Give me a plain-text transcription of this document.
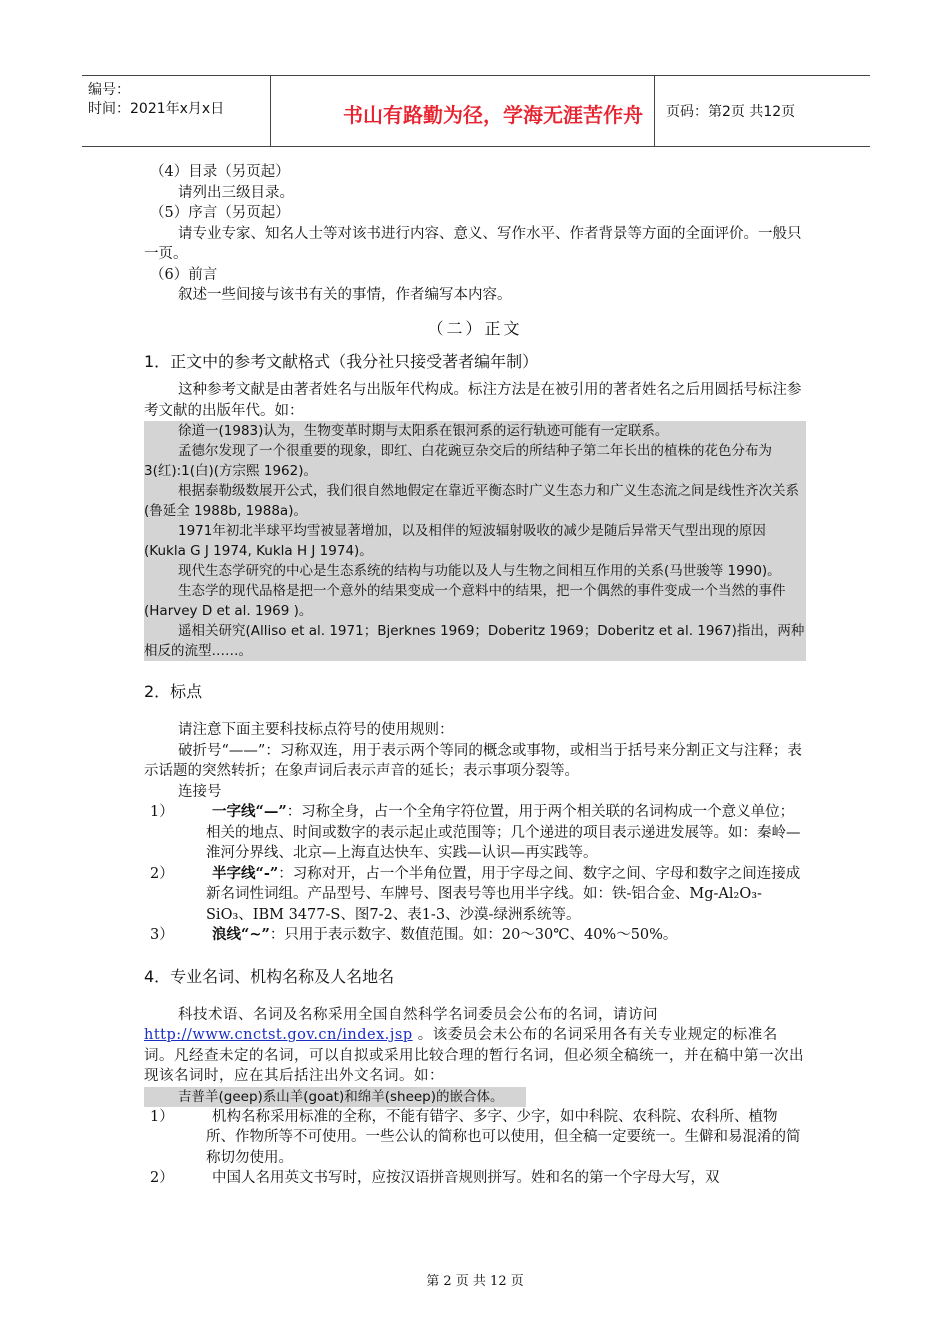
编号：
时间：2021年x月x日	书山有路勤为径，学海无涯苦作舟	页码：第2页 共12页

（4）目录（另页起）

请列出三级目录。

（5）序言（另页起）

请专业专家、知名人士等对该书进行内容、意义、写作水平、作者背景等方面的全面评价。一般只一页。

（6）前言

叙述一些间接与该书有关的事情，作者编写本内容。

（二）正文

1．正文中的参考文献格式（我分社只接受著者编年制）

这种参考文献是由著者姓名与出版年代构成。标注方法是在被引用的著者姓名之后用圆括号标注参考文献的出版年代。如：

徐道一(1983)认为，生物变革时期与太阳系在银河系的运行轨迹可能有一定联系。

孟德尔发现了一个很重要的现象，即红、白花豌豆杂交后的所结种子第二年长出的植株的花色分布为3(红):1(白)(方宗熙 1962)。

根据泰勒级数展开公式，我们很自然地假定在靠近平衡态时广义生态力和广义生态流之间是线性齐次关系(鲁延全 1988b, 1988a)。

1971年初北半球平均雪被显著增加，以及相伴的短波辐射吸收的减少是随后异常天气型出现的原因(Kukla G J 1974, Kukla H J 1974)。

现代生态学研究的中心是生态系统的结构与功能以及人与生物之间相互作用的关系(马世骏等 1990)。

生态学的现代品格是把一个意外的结果变成一个意料中的结果，把一个偶然的事件变成一个当然的事件(Harvey D et al. 1969 )。

遥相关研究(Alliso et al. 1971；Bjerknes 1969；Doberitz 1969；Doberitz et al. 1967)指出，两种相反的流型……。

2．标点

请注意下面主要科技标点符号的使用规则：

破折号“——”：习称双连，用于表示两个等同的概念或事物，或相当于括号来分割正文与注释；表示话题的突然转折；在象声词后表示声音的延长；表示事项分裂等。

连接号

1）	一字线“—”：习称全身，占一个全角字符位置，用于两个相关联的名词构成一个意义单位；相关的地点、时间或数字的表示起止或范围等；几个递进的项目表示递进发展等。如：秦岭—淮河分界线、北京—上海直达快车、实践—认识—再实践等。

2）	半字线“-”：习称对开，占一个半角位置，用于字母之间、数字之间、字母和数字之间连接成新名词性词组。产品型号、车牌号、图表号等也用半字线。如：铁-铝合金、Mg-Al₂O₃-SiO₃、IBM 3477-S、图7-2、表1-3、沙漠-绿洲系统等。

3）	浪线“~”：只用于表示数字、数值范围。如：20～30℃、40%～50%。

4．专业名词、机构名称及人名地名

科技术语、名词及名称采用全国自然科学名词委员会公布的名词，请访问http://www.cnctst.gov.cn/index.jsp 。该委员会未公布的名词采用各有关专业规定的标准名词。凡经查未定的名词，可以自拟或采用比较合理的暂行名词，但必须全稿统一，并在稿中第一次出现该名词时，应在其后括注出外文名词。如：

吉普羊(geep)系山羊(goat)和绵羊(sheep)的嵌合体。

1）	机构名称采用标准的全称，不能有错字、多字、少字，如中科院、农科院、农科所、植物所、作物所等不可使用。一些公认的简称也可以使用，但全稿一定要统一。生僻和易混淆的简称切勿使用。

2）	中国人名用英文书写时，应按汉语拼音规则拼写。姓和名的第一个字母大写，双

第 2 页 共 12 页
